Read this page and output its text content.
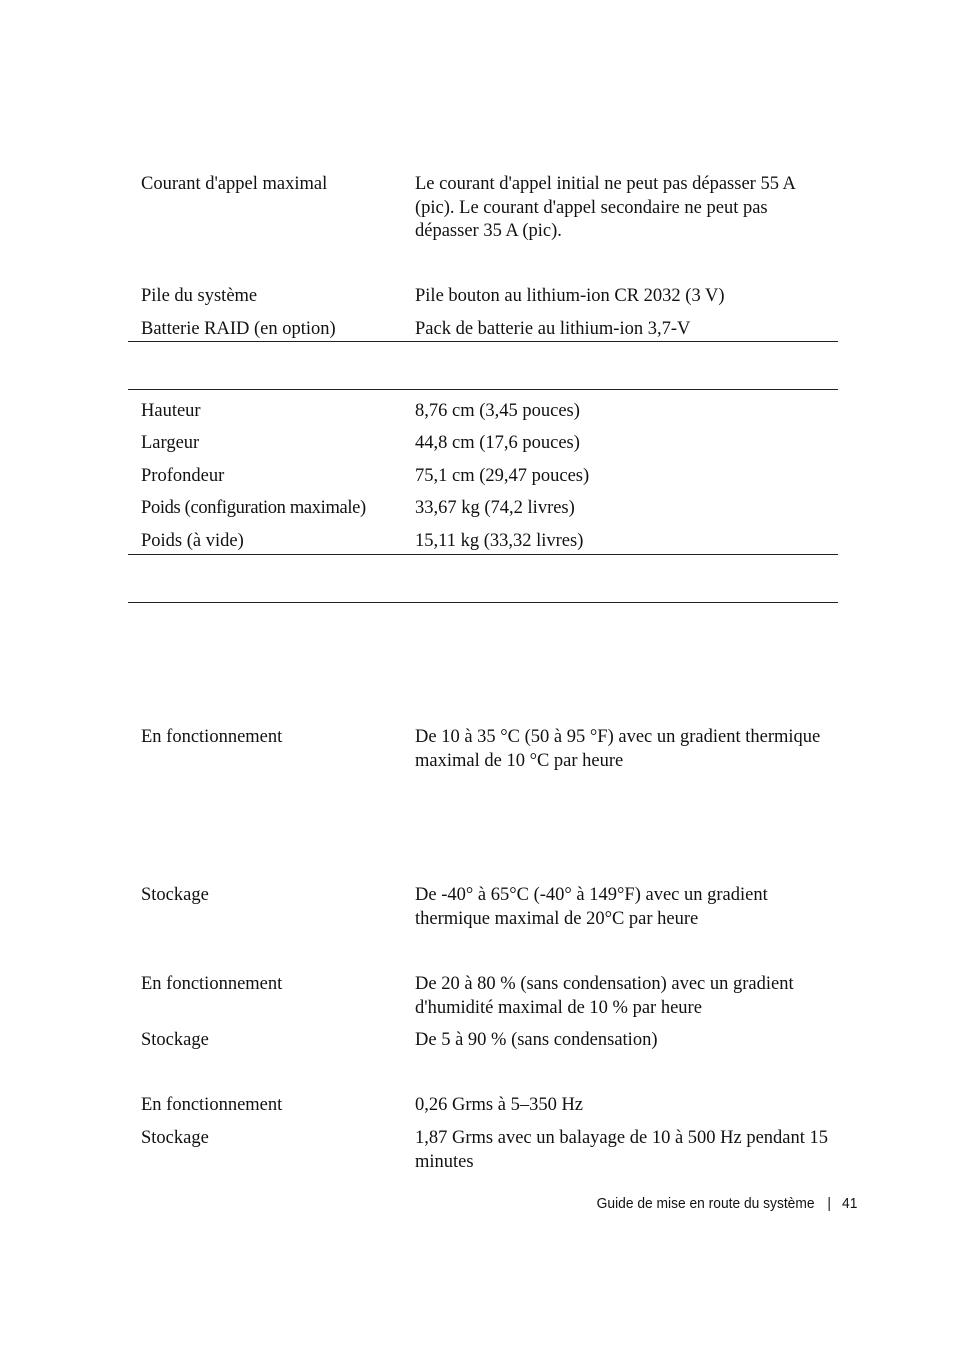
Courant d'appel maximal	Le courant d'appel initial ne peut pas dépasser 55 A (pic). Le courant d'appel secondaire ne peut pas dépasser 35 A (pic).
Pile du système	Pile bouton au lithium-ion CR 2032 (3 V)
Batterie RAID (en option)	Pack de batterie au lithium-ion 3,7-V
Hauteur	8,76 cm (3,45 pouces)
Largeur	44,8 cm (17,6 pouces)
Profondeur	75,1 cm (29,47 pouces)
Poids (configuration maximale)	33,67 kg (74,2 livres)
Poids (à vide)	15,11 kg (33,32 livres)
En fonctionnement	De 10 à 35 °C (50 à 95 °F) avec un gradient thermique maximal de 10 °C par heure
Stockage	De -40° à 65°C (-40° à 149°F) avec un gradient thermique maximal de 20°C par heure
En fonctionnement	De 20 à 80 % (sans condensation) avec un gradient d'humidité maximal de 10 % par heure
Stockage	De 5 à 90 % (sans condensation)
En fonctionnement	0,26 Grms à 5–350 Hz
Stockage	1,87 Grms avec un balayage de 10 à 500 Hz pendant 15 minutes
Guide de mise en route du système | 41
